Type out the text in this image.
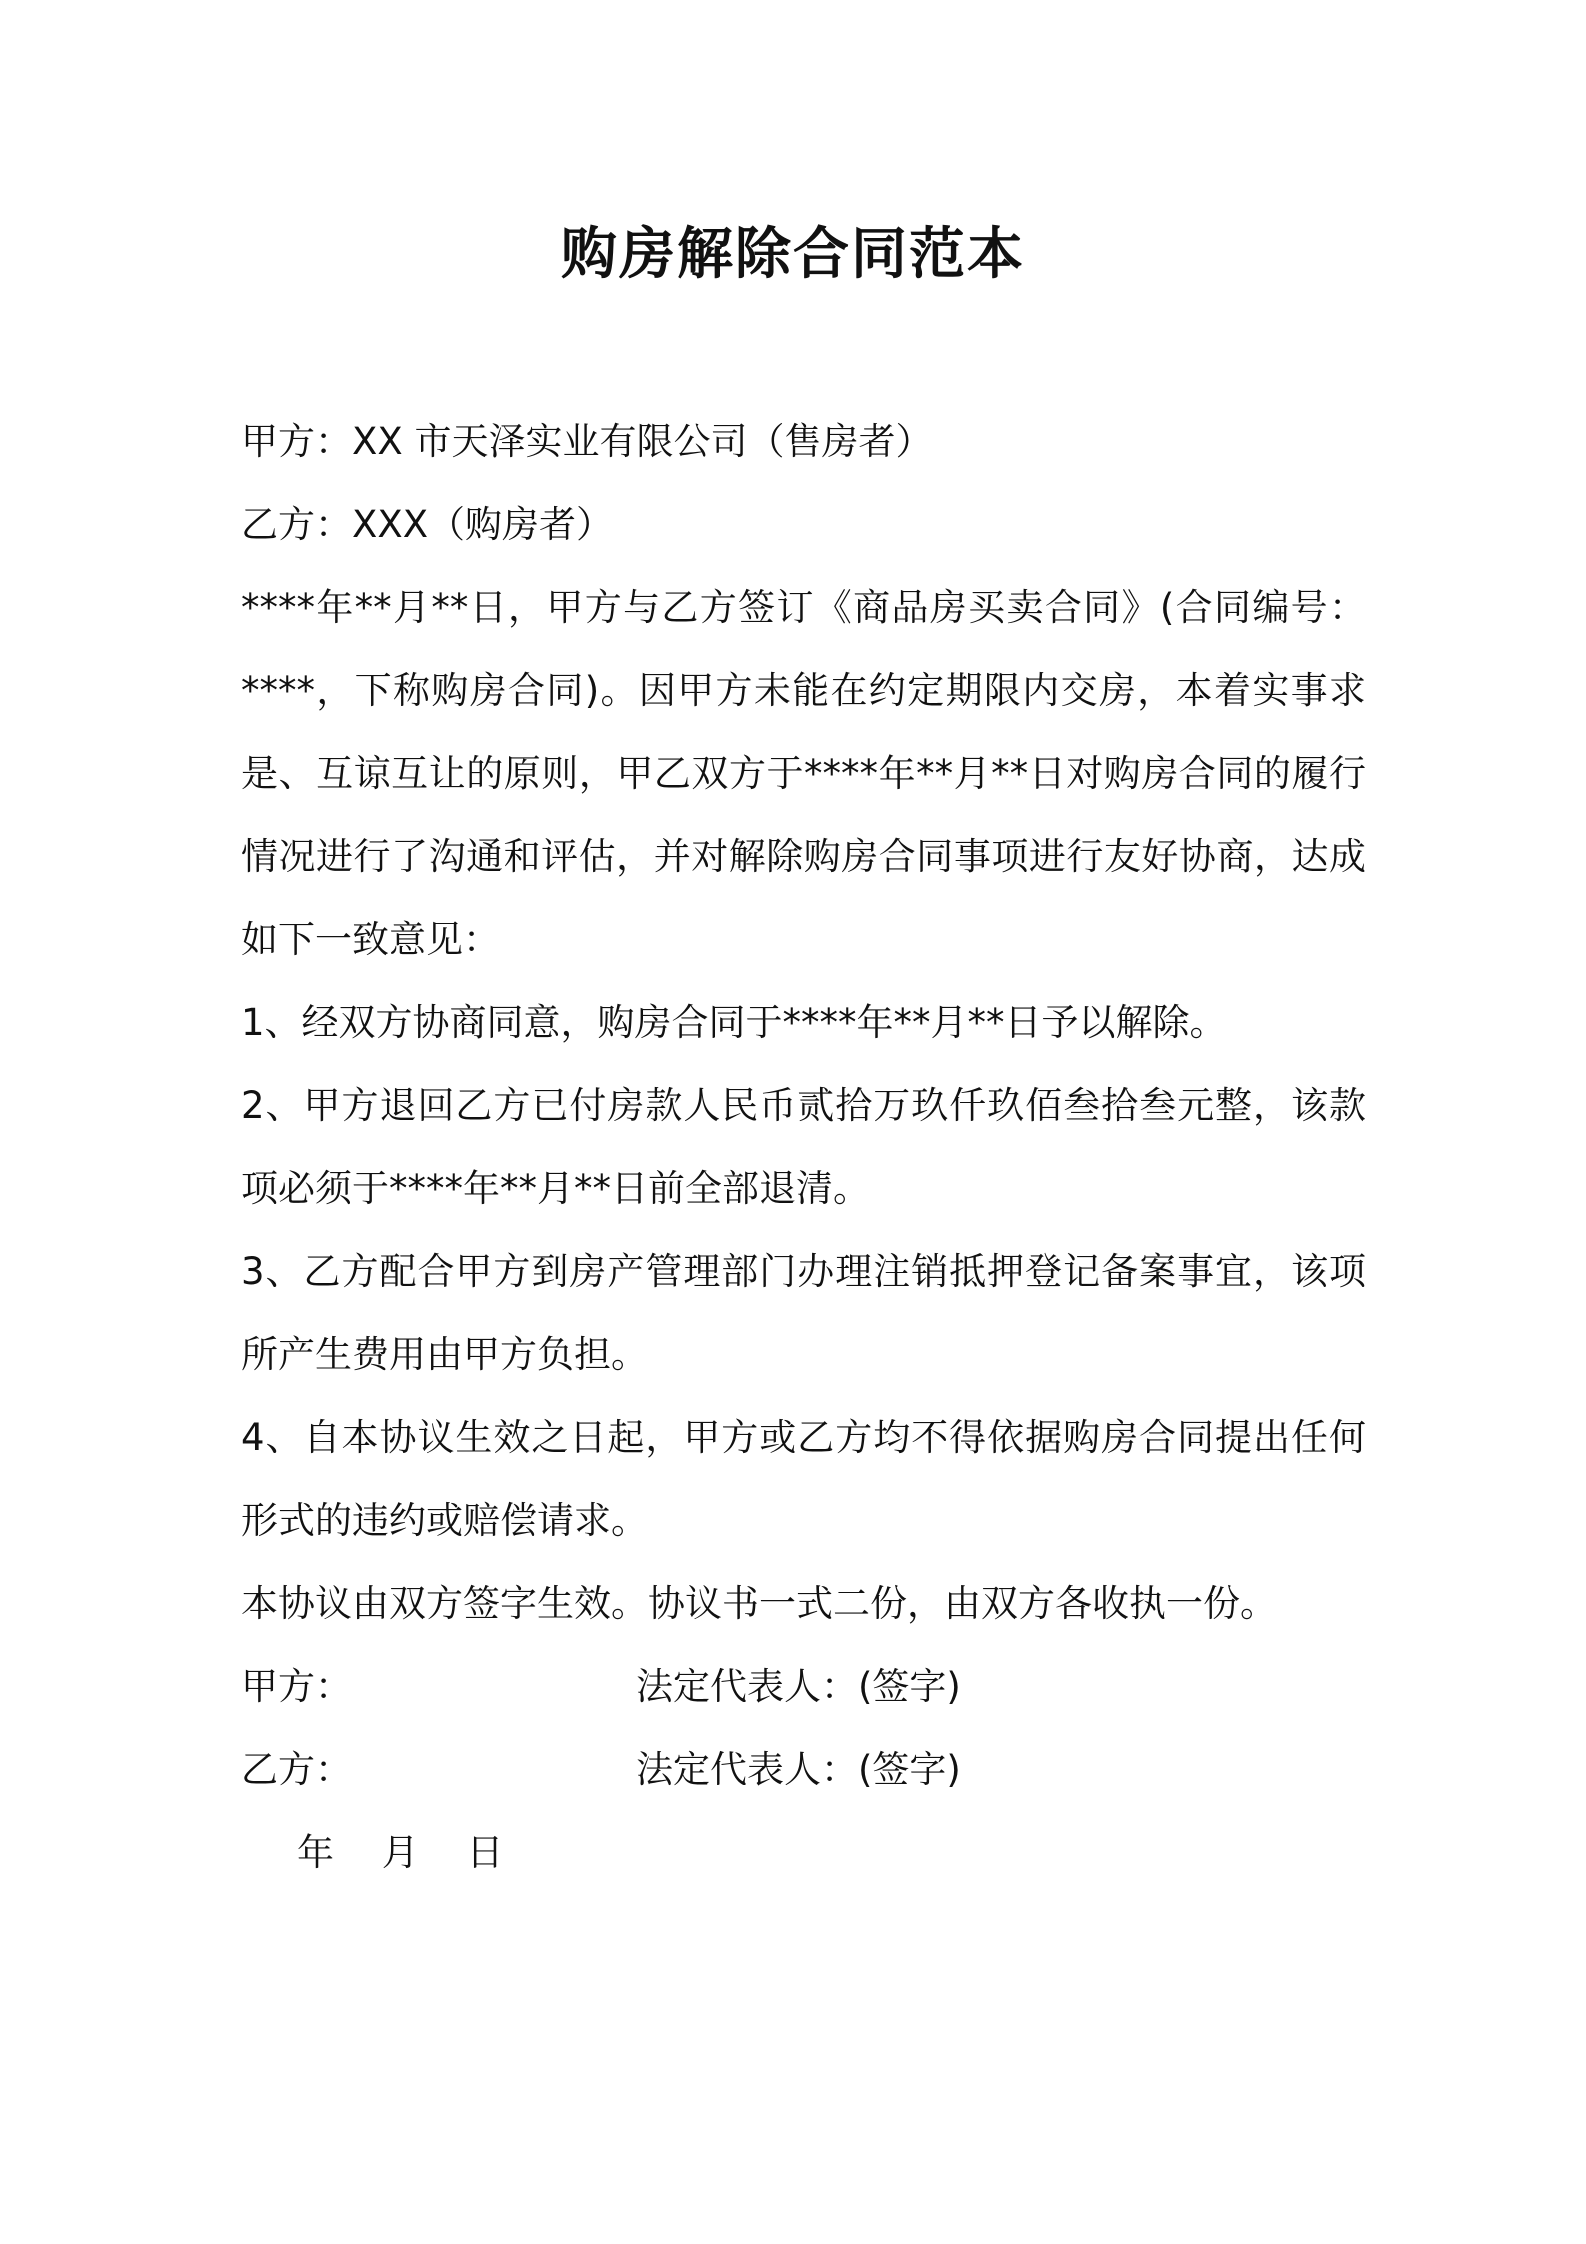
购房解除合同范本

甲方：XX 市天泽实业有限公司（售房者）

乙方：XXX（购房者）

****年**月**日，甲方与乙方签订《商品房买卖合同》(合同编号：****，下称购房合同)。因甲方未能在约定期限内交房，本着实事求是、互谅互让的原则，甲乙双方于****年**月**日对购房合同的履行情况进行了沟通和评估，并对解除购房合同事项进行友好协商，达成如下一致意见：

1、经双方协商同意，购房合同于****年**月**日予以解除。

2、甲方退回乙方已付房款人民币贰拾万玖仟玖佰叁拾叁元整，该款项必须于****年**月**日前全部退清。

3、乙方配合甲方到房产管理部门办理注销抵押登记备案事宜，该项所产生费用由甲方负担。

4、自本协议生效之日起，甲方或乙方均不得依据购房合同提出任何形式的违约或赔偿请求。

本协议由双方签字生效。协议书一式二份，由双方各收执一份。

甲方：	法定代表人：(签字)
乙方：	法定代表人：(签字)
年 月 日
